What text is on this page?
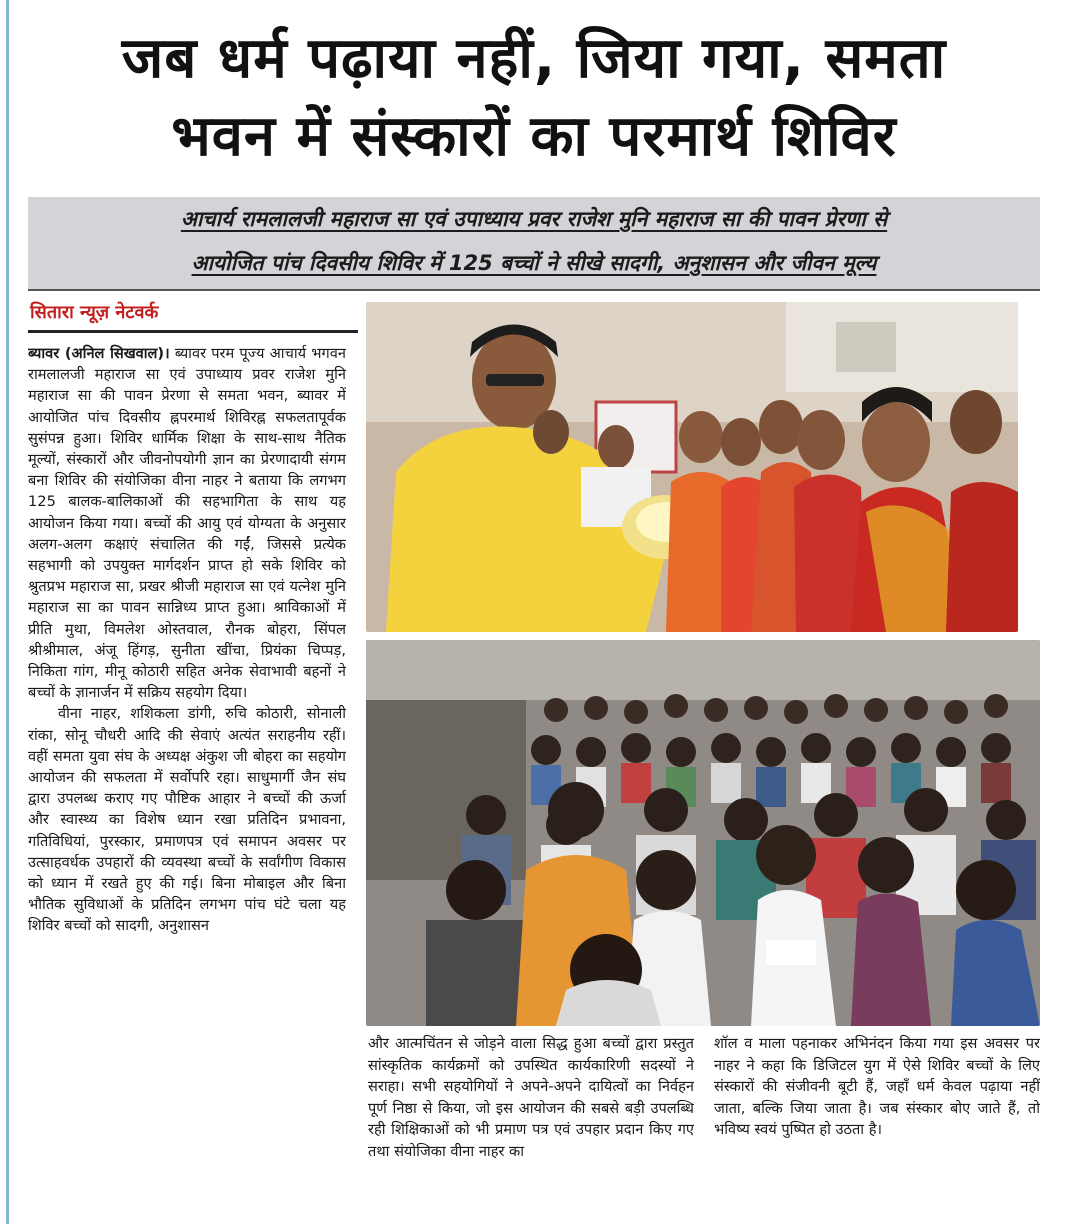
जब धर्म पढ़ाया नहीं, जिया गया, समता
भवन में संस्कारों का परमार्थ शिविर
आचार्य रामलालजी महाराज सा एवं उपाध्याय प्रवर राजेश मुनि महाराज सा की पावन प्रेरणा से
आयोजित पांच दिवसीय शिविर में 125 बच्चों ने सीखे सादगी, अनुशासन और जीवन मूल्य
सितारा न्यूज़ नेटवर्क

ब्यावर (अनिल सिखवाल)। ब्यावर परम पूज्य आचार्य भगवन रामलालजी महाराज सा एवं उपाध्याय प्रवर राजेश मुनि महाराज सा की पावन प्रेरणा से समता भवन, ब्यावर में आयोजित पांच दिवसीय ह्नपरमार्थ शिविरह्न सफलतापूर्वक सुसंपन्न हुआ। शिविर धार्मिक शिक्षा के साथ-साथ नैतिक मूल्यों, संस्कारों और जीवनोपयोगी ज्ञान का प्रेरणादायी संगम बना शिविर की संयोजिका वीना नाहर ने बताया कि लगभग 125 बालक-बालिकाओं की सहभागिता के साथ यह आयोजन किया गया। बच्चों की आयु एवं योग्यता के अनुसार अलग-अलग कक्षाएं संचालित की गईं, जिससे प्रत्येक सहभागी को उपयुक्त मार्गदर्शन प्राप्त हो सके शिविर को श्रुतप्रभ महाराज सा, प्रखर श्रीजी महाराज सा एवं यत्नेश मुनि महाराज सा का पावन सान्निध्य प्राप्त हुआ। श्राविकाओं में प्रीति मुथा, विमलेश ओस्तवाल, रौनक बोहरा, सिंपल श्रीश्रीमाल, अंजू हिंगड़, सुनीता खींचा, प्रियंका चिप्पड़, निकिता गांग, मीनू कोठारी सहित अनेक सेवाभावी बहनों ने बच्चों के ज्ञानार्जन में सक्रिय सहयोग दिया।

वीना नाहर, शशिकला डांगी, रुचि कोठारी, सोनाली रांका, सोनू चौधरी आदि की सेवाएं अत्यंत सराहनीय रहीं। वहीं समता युवा संघ के अध्यक्ष अंकुश जी बोहरा का सहयोग आयोजन की सफलता में सर्वोपरि रहा। साधुमार्गी जैन संघ द्वारा उपलब्ध कराए गए पौष्टिक आहार ने बच्चों की ऊर्जा और स्वास्थ्य का विशेष ध्यान रखा प्रतिदिन प्रभावना, गतिविधियां, पुरस्कार, प्रमाणपत्र एवं समापन अवसर पर उत्साहवर्धक उपहारों की व्यवस्था बच्चों के सर्वांगीण विकास को ध्यान में रखते हुए की गई। बिना मोबाइल और बिना भौतिक सुविधाओं के प्रतिदिन लगभग पांच घंटे चला यह शिविर बच्चों को सादगी, अनुशासन

और आत्मचिंतन से जोड़ने वाला सिद्ध हुआ बच्चों द्वारा प्रस्तुत सांस्कृतिक कार्यक्रमों को उपस्थित कार्यकारिणी सदस्यों ने सराहा। सभी सहयोगियों ने अपने-अपने दायित्वों का निर्वहन पूर्ण निष्ठा से किया, जो इस आयोजन की सबसे बड़ी उपलब्धि रही शिक्षिकाओं को भी प्रमाण पत्र एवं उपहार प्रदान किए गए तथा संयोजिका वीना नाहर का
शॉल व माला पहनाकर अभिनंदन किया गया इस अवसर पर नाहर ने कहा कि डिजिटल युग में ऐसे शिविर बच्चों के लिए संस्कारों की संजीवनी बूटी हैं, जहाँ धर्म केवल पढ़ाया नहीं जाता, बल्कि जिया जाता है। जब संस्कार बोए जाते हैं, तो भविष्य स्वयं पुष्पित हो उठता है।
